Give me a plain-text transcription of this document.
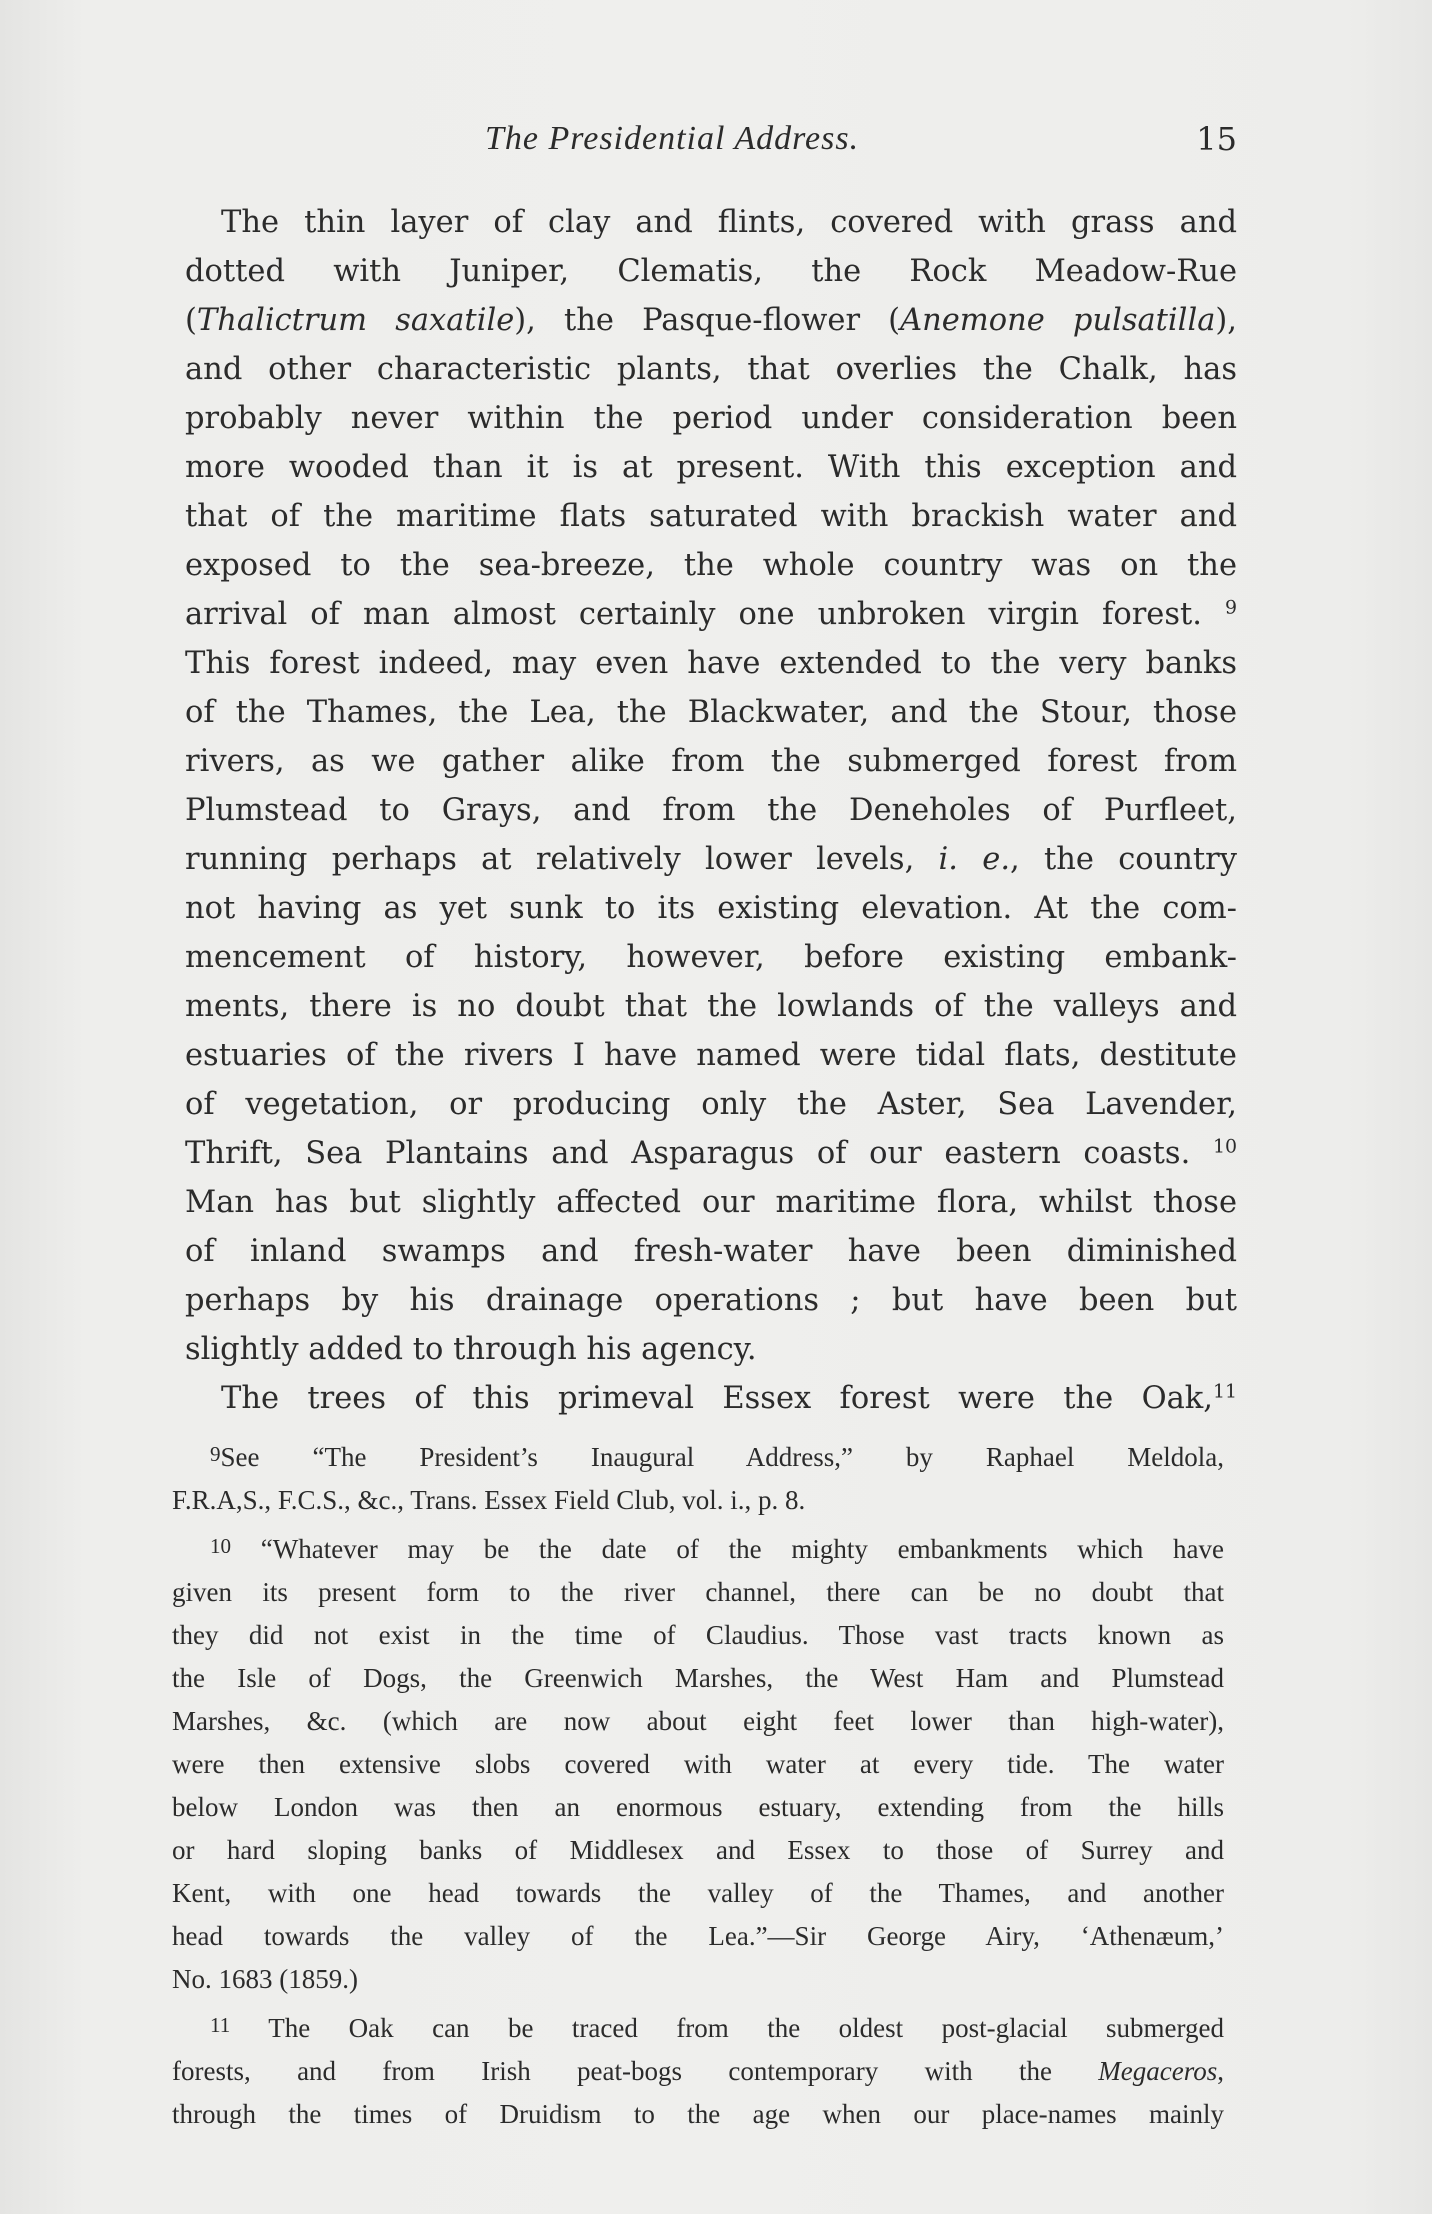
The Presidential Address.	15
The thin layer of clay and flints, covered with grass and
dotted with Juniper, Clematis, the Rock Meadow-Rue
(Thalictrum saxatile), the Pasque-flower (Anemone pulsatilla),
and other characteristic plants, that overlies the Chalk, has
probably never within the period under consideration been
more wooded than it is at present. With this exception and
that of the maritime flats saturated with brackish water and
exposed to the sea-breeze, the whole country was on the
arrival of man almost certainly one unbroken virgin forest. $^9$
This forest indeed, may even have extended to the very banks
of the Thames, the Lea, the Blackwater, and the Stour, those
rivers, as we gather alike from the submerged forest from
Plumstead to Grays, and from the Deneholes of Purfleet,
running perhaps at relatively lower levels, i. e., the country
not having as yet sunk to its existing elevation. At the com-
mencement of history, however, before existing embank-
ments, there is no doubt that the lowlands of the valleys and
estuaries of the rivers I have named were tidal flats, destitute
of vegetation, or producing only the Aster, Sea Lavender,
Thrift, Sea Plantains and Asparagus of our eastern coasts. $^{10}$
Man has but slightly affected our maritime flora, whilst those
of inland swamps and fresh-water have been diminished
perhaps by his drainage operations ; but have been but
slightly added to through his agency.
The trees of this primeval Essex forest were the Oak,$^{11}$
9See “The President’s Inaugural Address,” by Raphael Meldola,
F.R.A,S., F.C.S., &c., Trans. Essex Field Club, vol. i., p. 8.
10 “Whatever may be the date of the mighty embankments which have
given its present form to the river channel, there can be no doubt that
they did not exist in the time of Claudius. Those vast tracts known as
the Isle of Dogs, the Greenwich Marshes, the West Ham and Plumstead
Marshes, &c. (which are now about eight feet lower than high-water),
were then extensive slobs covered with water at every tide. The water
below London was then an enormous estuary, extending from the hills
or hard sloping banks of Middlesex and Essex to those of Surrey and
Kent, with one head towards the valley of the Thames, and another
head towards the valley of the Lea.”—Sir George Airy, ‘Athenæum,’
No. 1683 (1859.)
11 The Oak can be traced from the oldest post-glacial submerged
forests, and from Irish peat-bogs contemporary with the Megaceros,
through the times of Druidism to the age when our place-names mainly
